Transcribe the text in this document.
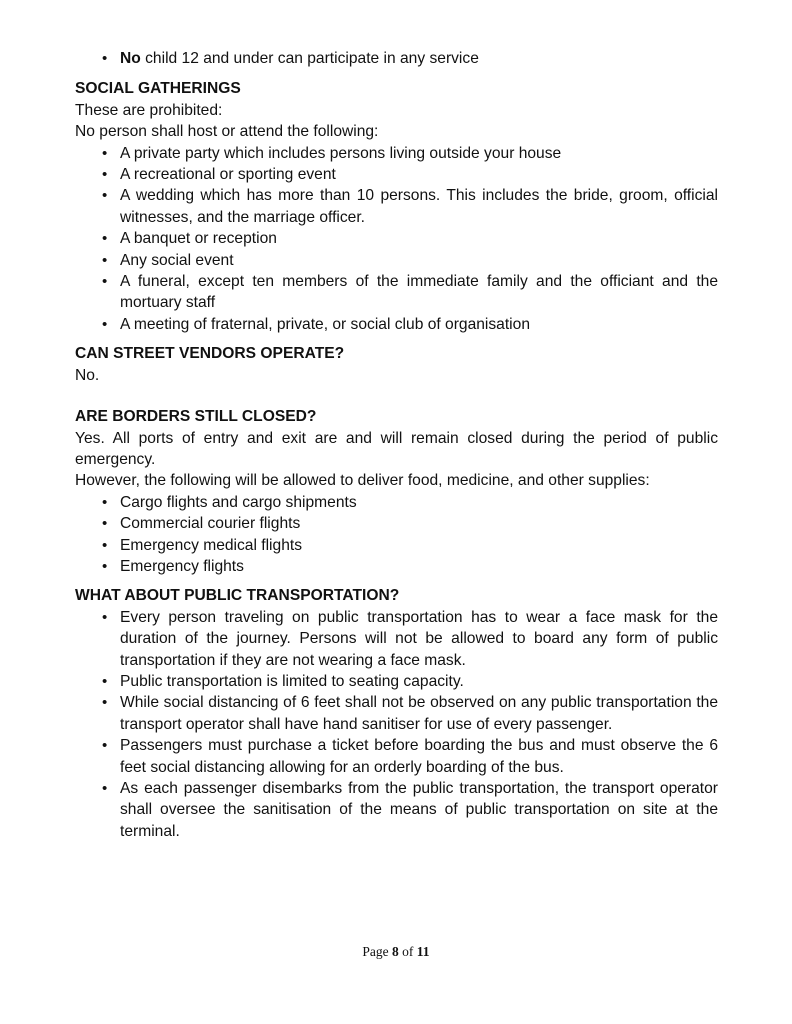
• No child 12 and under can participate in any service

SOCIAL GATHERINGS

These are prohibited:

No person shall host or attend the following:

• A private party which includes persons living outside your house
• A recreational or sporting event
• A wedding which has more than 10 persons. This includes the bride, groom, official witnesses, and the marriage officer.
• A banquet or reception
• Any social event
• A funeral, except ten members of the immediate family and the officiant and the mortuary staff
• A meeting of fraternal, private, or social club of organisation

CAN STREET VENDORS OPERATE?

No.

ARE BORDERS STILL CLOSED?

Yes. All ports of entry and exit are and will remain closed during the period of public emergency.

However, the following will be allowed to deliver food, medicine, and other supplies:

• Cargo flights and cargo shipments
• Commercial courier flights
• Emergency medical flights
• Emergency flights

WHAT ABOUT PUBLIC TRANSPORTATION?

• Every person traveling on public transportation has to wear a face mask for the duration of the journey. Persons will not be allowed to board any form of public transportation if they are not wearing a face mask.
• Public transportation is limited to seating capacity.
• While social distancing of 6 feet shall not be observed on any public transportation the transport operator shall have hand sanitiser for use of every passenger.
• Passengers must purchase a ticket before boarding the bus and must observe the 6 feet social distancing allowing for an orderly boarding of the bus.
• As each passenger disembarks from the public transportation, the transport operator shall oversee the sanitisation of the means of public transportation on site at the terminal.
Page 8 of 11
